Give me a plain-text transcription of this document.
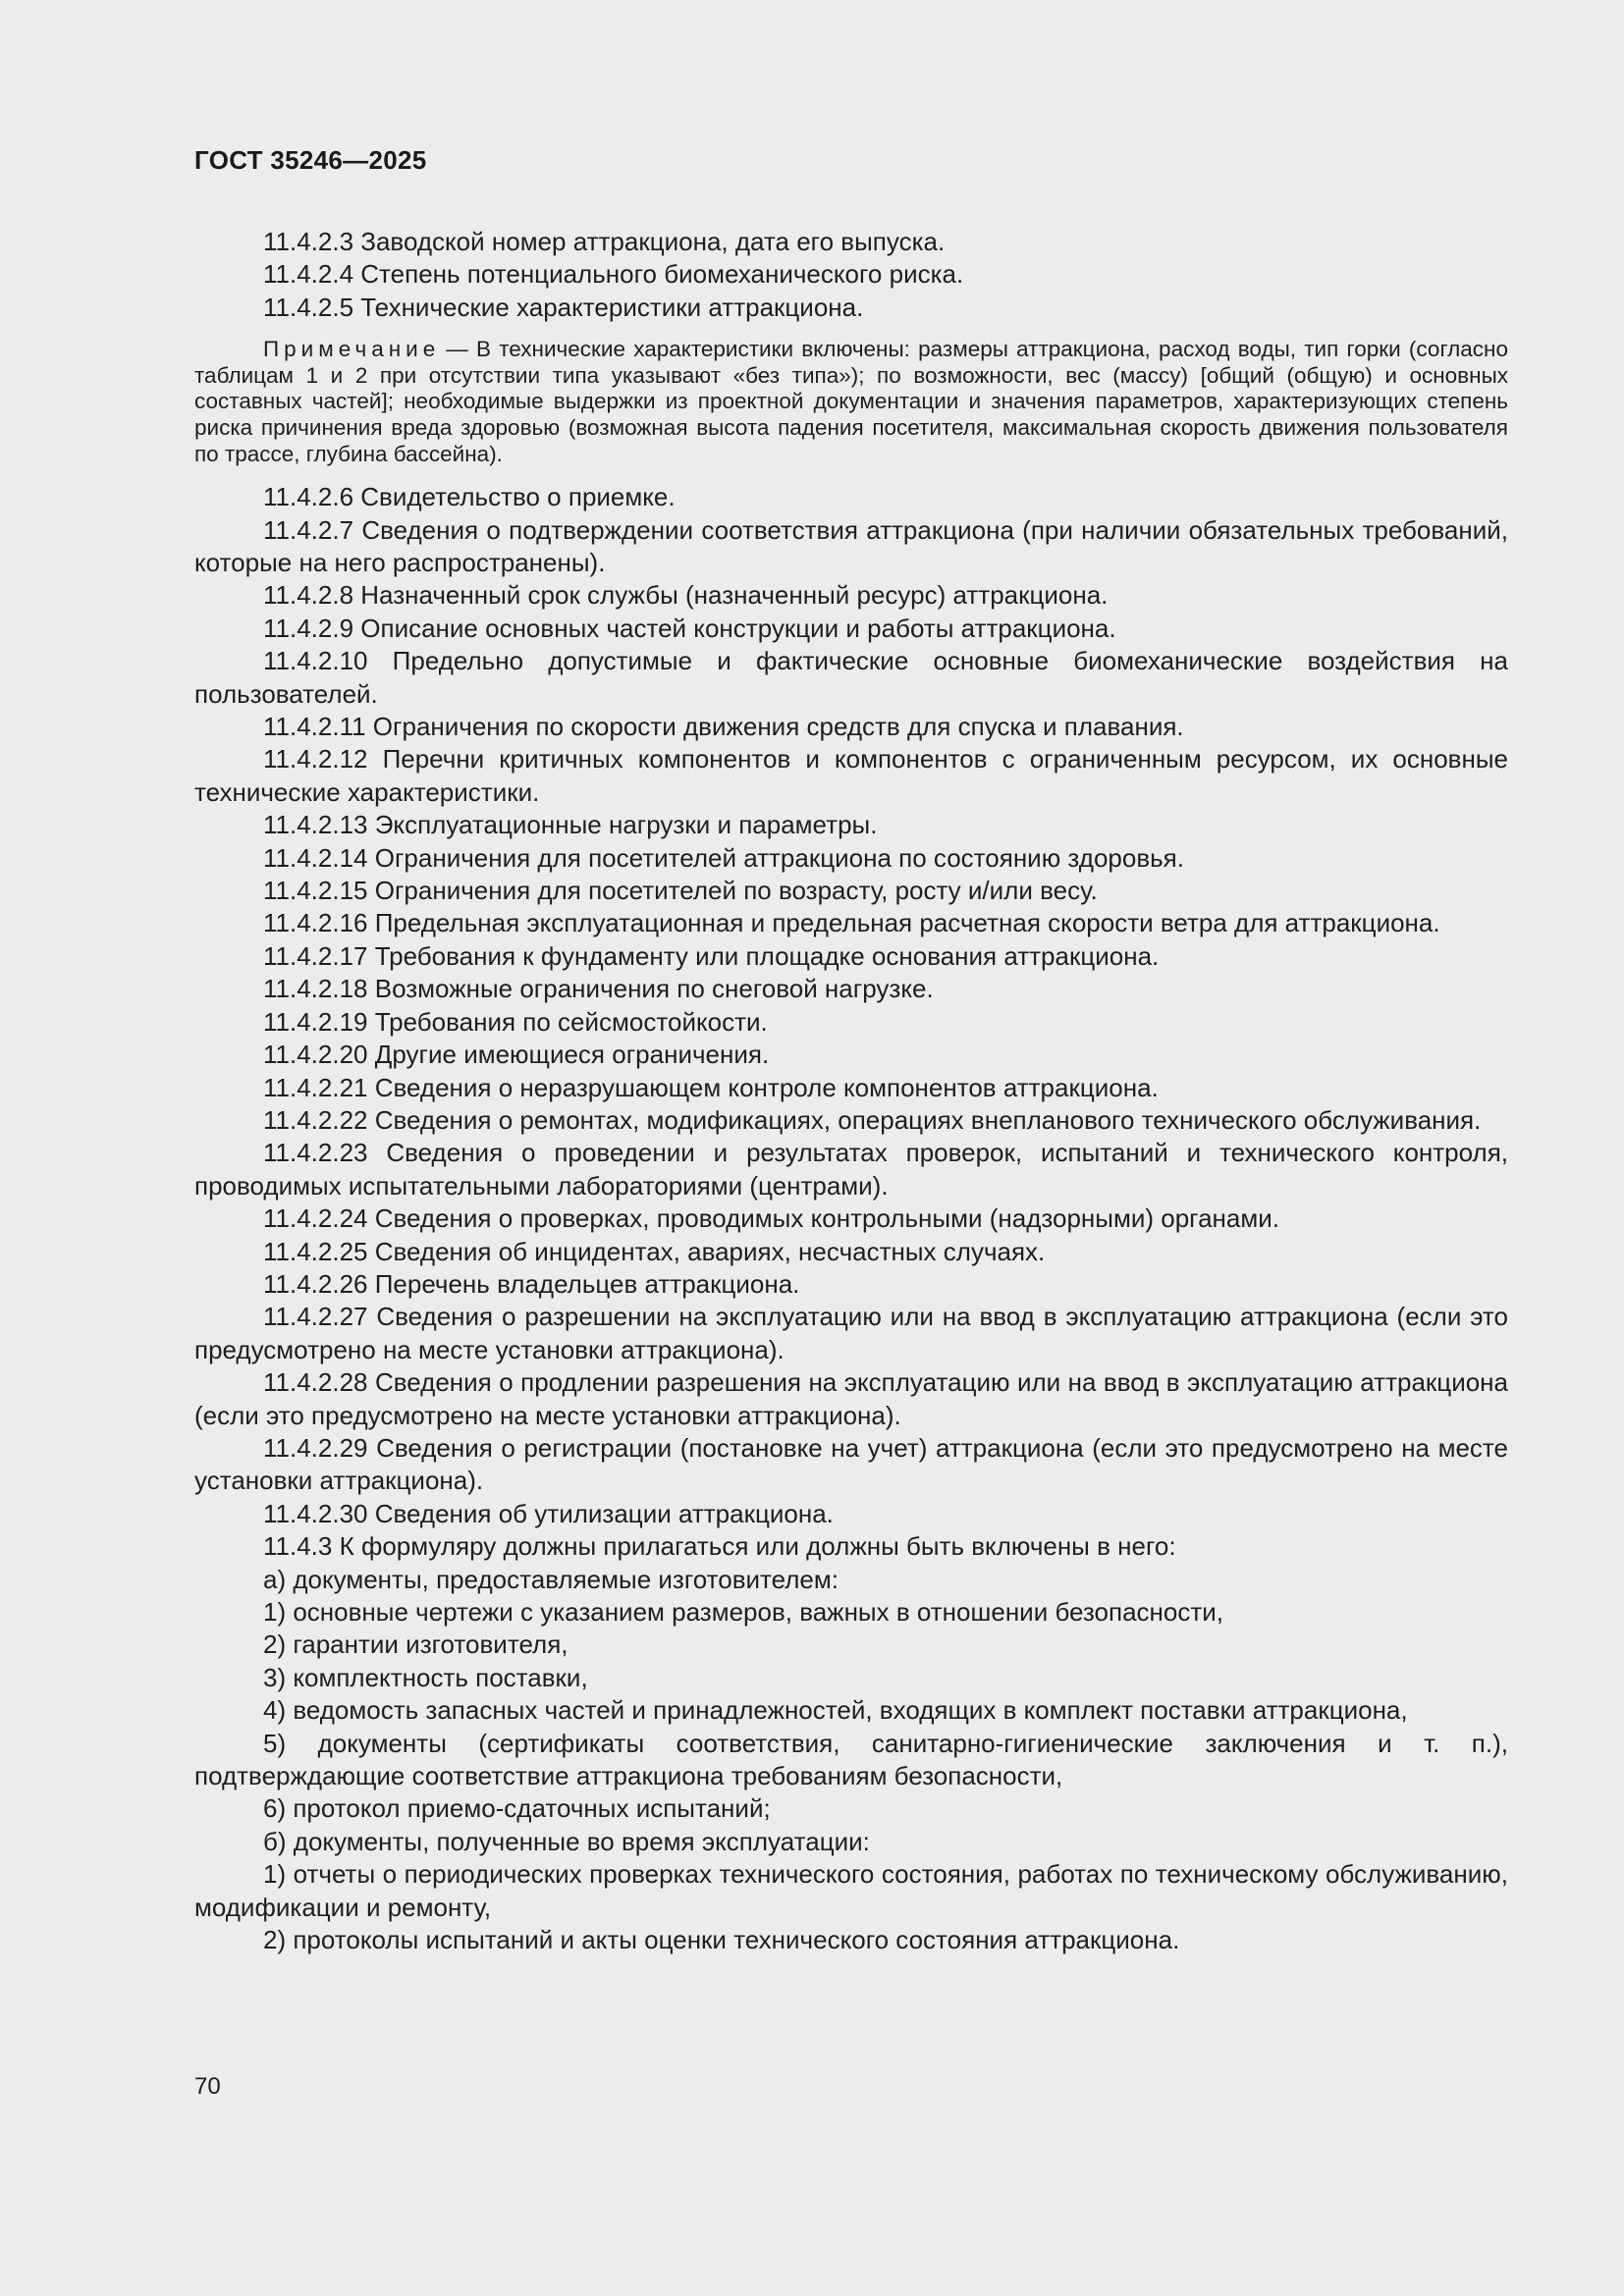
ГОСТ 35246—2025

11.4.2.3 Заводской номер аттракциона, дата его выпуска.

11.4.2.4 Степень потенциального биомеханического риска.

11.4.2.5 Технические характеристики аттракциона.

Примечание — В технические характеристики включены: размеры аттракциона, расход воды, тип горки (согласно таблицам 1 и 2 при отсутствии типа указывают «без типа»); по возможности, вес (массу) [общий (общую) и основных составных частей]; необходимые выдержки из проектной документации и значения параметров, характеризующих степень риска причинения вреда здоровью (возможная высота падения посетителя, максимальная скорость движения пользователя по трассе, глубина бассейна).

11.4.2.6 Свидетельство о приемке.

11.4.2.7 Сведения о подтверждении соответствия аттракциона (при наличии обязательных требований, которые на него распространены).

11.4.2.8 Назначенный срок службы (назначенный ресурс) аттракциона.

11.4.2.9 Описание основных частей конструкции и работы аттракциона.

11.4.2.10 Предельно допустимые и фактические основные биомеханические воздействия на пользователей.

11.4.2.11 Ограничения по скорости движения средств для спуска и плавания.

11.4.2.12 Перечни критичных компонентов и компонентов с ограниченным ресурсом, их основные технические характеристики.

11.4.2.13 Эксплуатационные нагрузки и параметры.

11.4.2.14 Ограничения для посетителей аттракциона по состоянию здоровья.

11.4.2.15 Ограничения для посетителей по возрасту, росту и/или весу.

11.4.2.16 Предельная эксплуатационная и предельная расчетная скорости ветра для аттракциона.

11.4.2.17 Требования к фундаменту или площадке основания аттракциона.

11.4.2.18 Возможные ограничения по снеговой нагрузке.

11.4.2.19 Требования по сейсмостойкости.

11.4.2.20 Другие имеющиеся ограничения.

11.4.2.21 Сведения о неразрушающем контроле компонентов аттракциона.

11.4.2.22 Сведения о ремонтах, модификациях, операциях внепланового технического обслуживания.

11.4.2.23 Сведения о проведении и результатах проверок, испытаний и технического контроля, проводимых испытательными лабораториями (центрами).

11.4.2.24 Сведения о проверках, проводимых контрольными (надзорными) органами.

11.4.2.25 Сведения об инцидентах, авариях, несчастных случаях.

11.4.2.26 Перечень владельцев аттракциона.

11.4.2.27 Сведения о разрешении на эксплуатацию или на ввод в эксплуатацию аттракциона (если это предусмотрено на месте установки аттракциона).

11.4.2.28 Сведения о продлении разрешения на эксплуатацию или на ввод в эксплуатацию аттракциона (если это предусмотрено на месте установки аттракциона).

11.4.2.29 Сведения о регистрации (постановке на учет) аттракциона (если это предусмотрено на месте установки аттракциона).

11.4.2.30 Сведения об утилизации аттракциона.

11.4.3 К формуляру должны прилагаться или должны быть включены в него:

а) документы, предоставляемые изготовителем:

1) основные чертежи с указанием размеров, важных в отношении безопасности,

2) гарантии изготовителя,

3) комплектность поставки,

4) ведомость запасных частей и принадлежностей, входящих в комплект поставки аттракциона,

5) документы (сертификаты соответствия, санитарно-гигиенические заключения и т. п.), подтверждающие соответствие аттракциона требованиям безопасности,

6) протокол приемо-сдаточных испытаний;

б) документы, полученные во время эксплуатации:

1) отчеты о периодических проверках технического состояния, работах по техническому обслуживанию, модификации и ремонту,

2) протоколы испытаний и акты оценки технического состояния аттракциона.

70
